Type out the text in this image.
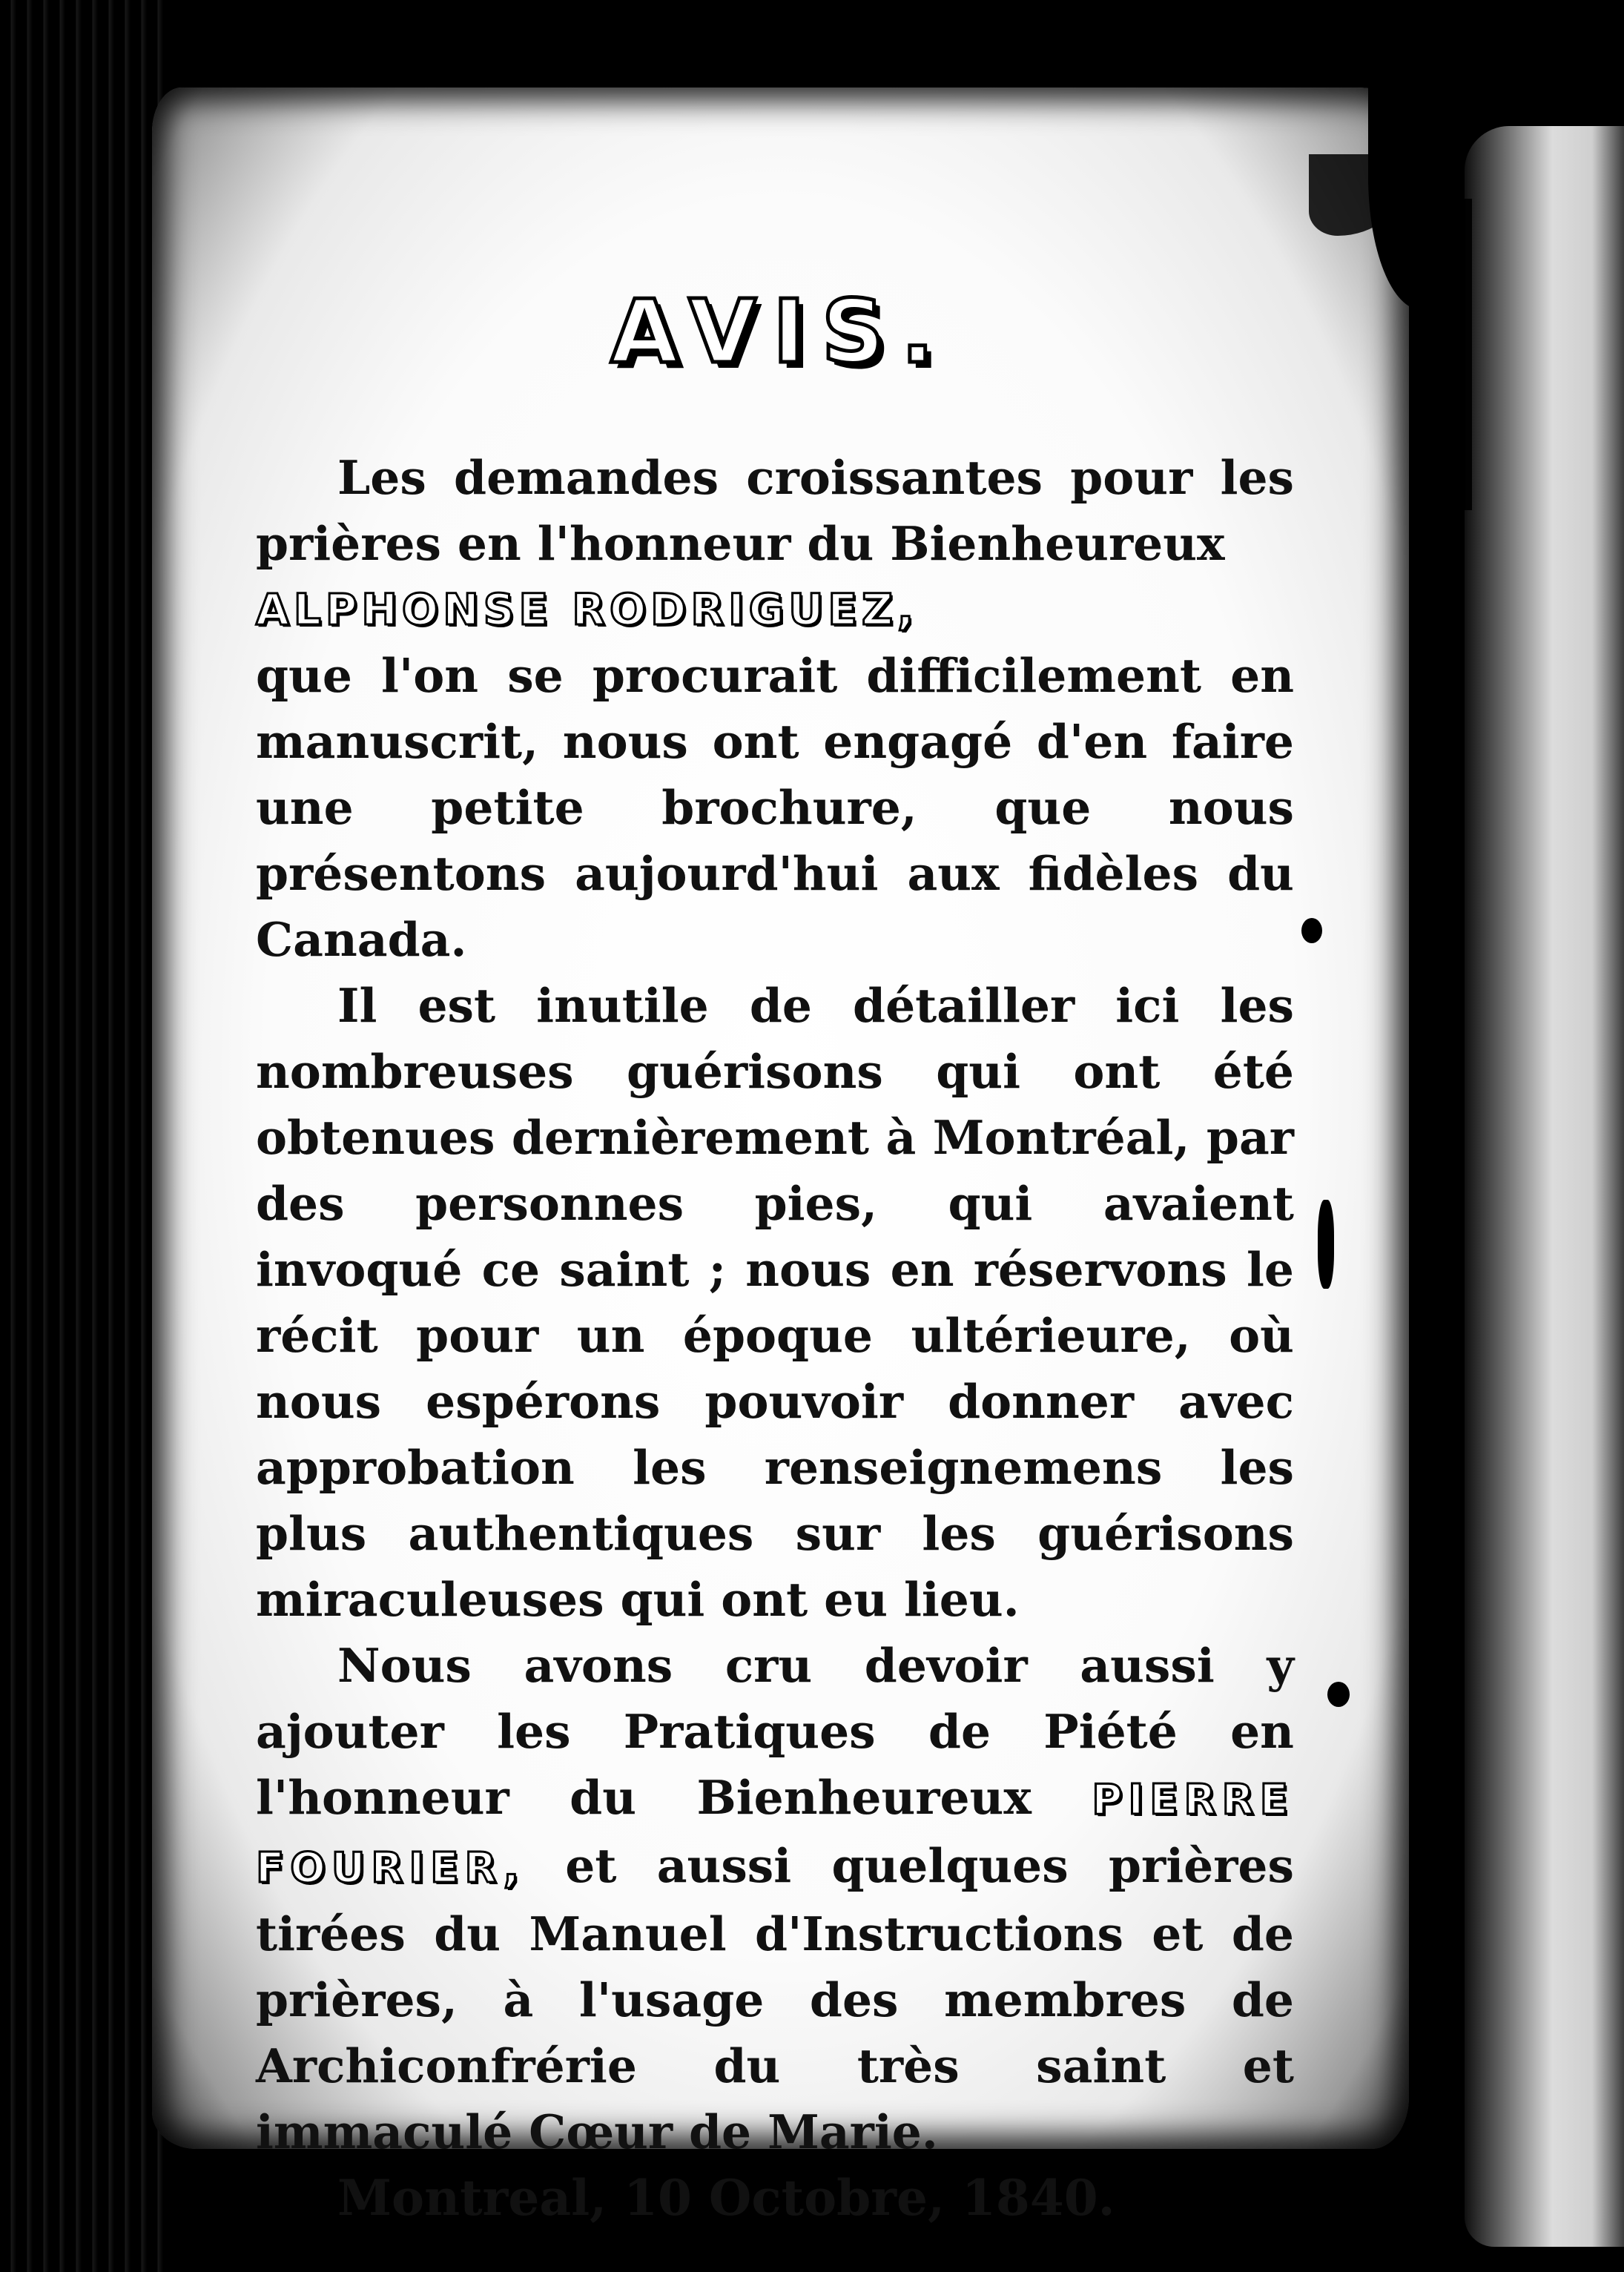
AVIS.

Les demandes croissantes pour les prières en l'honneur du Bienheureux
ALPHONSE RODRIGUEZ,
que l'on se procurait difficilement en manuscrit, nous ont engagé d'en faire une petite brochure, que nous présentons aujourd'hui aux fidèles du Canada.

Il est inutile de détailler ici les nombreuses guérisons qui ont été obtenues dernièrement à Montréal, par des personnes pies, qui avaient invoqué ce saint ; nous en réservons le récit pour un époque ultérieure, où nous espérons pouvoir donner avec approbation les renseignemens les plus authentiques sur les guérisons miraculeuses qui ont eu lieu.

Nous avons cru devoir aussi y ajouter les Pratiques de Piété en l'honneur du Bienheureux PIERRE FOURIER, et aussi quelques prières tirées du Manuel d'Instructions et de prières, à l'usage des membres de Archiconfrérie du très saint et immaculé Cœur de Marie.

Montreal, 10 Octobre, 1840.
